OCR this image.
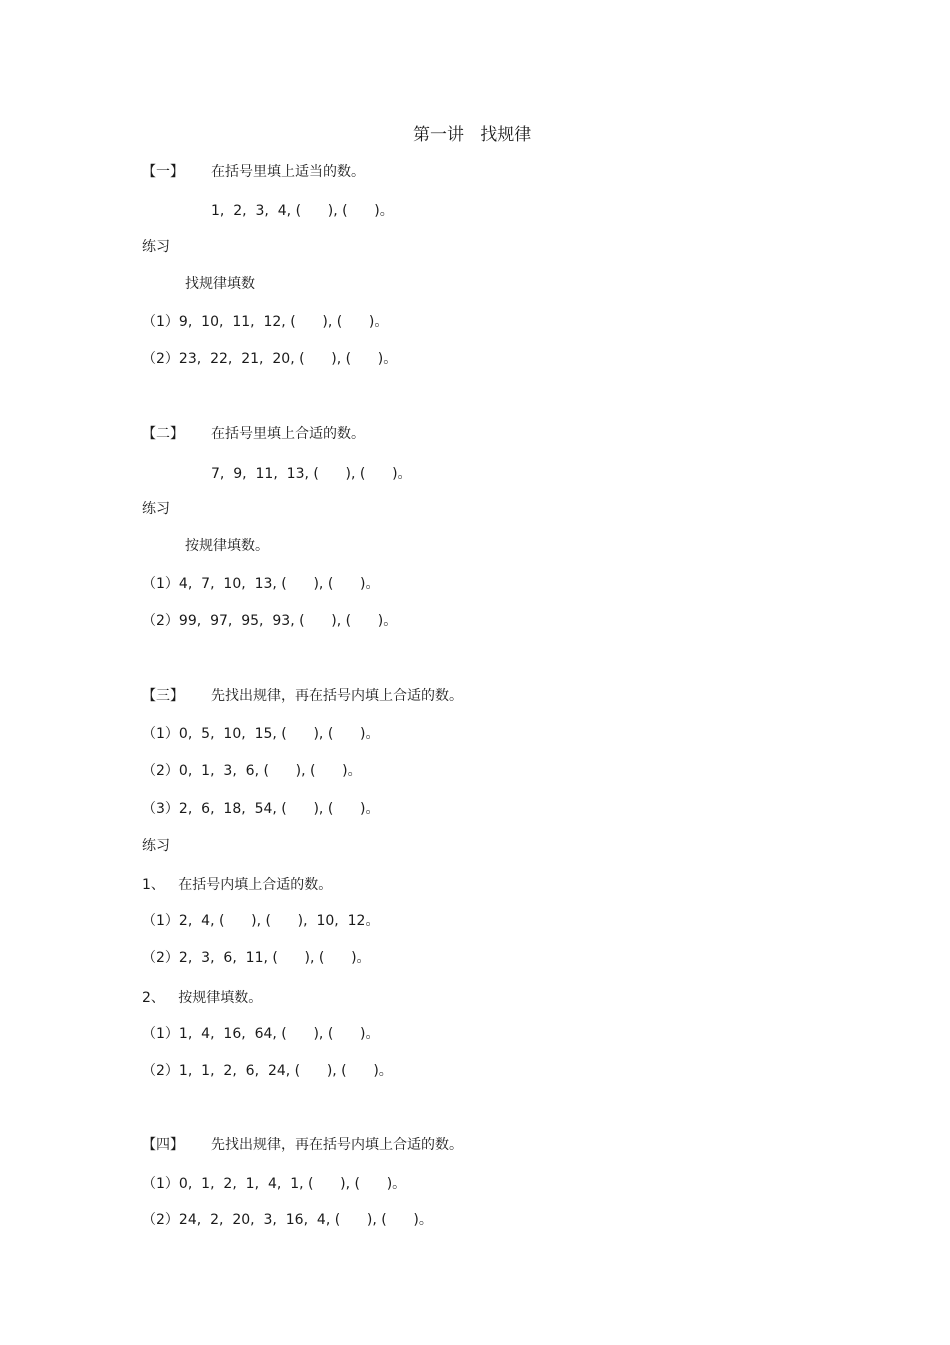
第一讲   找规律
【一】 在括号里填上适当的数。
1,  2,  3,  4, (      ), (      )。
练习
找规律填数
（1）9,  10,  11,  12, (      ), (      )。
（2）23,  22,  21,  20, (      ), (      )。
【二】 在括号里填上合适的数。
7,  9,  11,  13, (      ), (      )。
练习
按规律填数。
（1）4,  7,  10,  13, (      ), (      )。
（2）99,  97,  95,  93, (      ), (      )。
【三】 先找出规律，再在括号内填上合适的数。
（1）0,  5,  10,  15, (      ), (      )。
（2）0,  1,  3,  6, (      ), (      )。
（3）2,  6,  18,  54, (      ), (      )。
练习
1、   在括号内填上合适的数。
（1）2,  4, (      ), (      ),  10,  12。
（2）2,  3,  6,  11, (      ), (      )。
2、   按规律填数。
（1）1,  4,  16,  64, (      ), (      )。
（2）1,  1,  2,  6,  24, (      ), (      )。
【四】 先找出规律，再在括号内填上合适的数。
（1）0,  1,  2,  1,  4,  1, (      ), (      )。
（2）24,  2,  20,  3,  16,  4, (      ), (      )。
